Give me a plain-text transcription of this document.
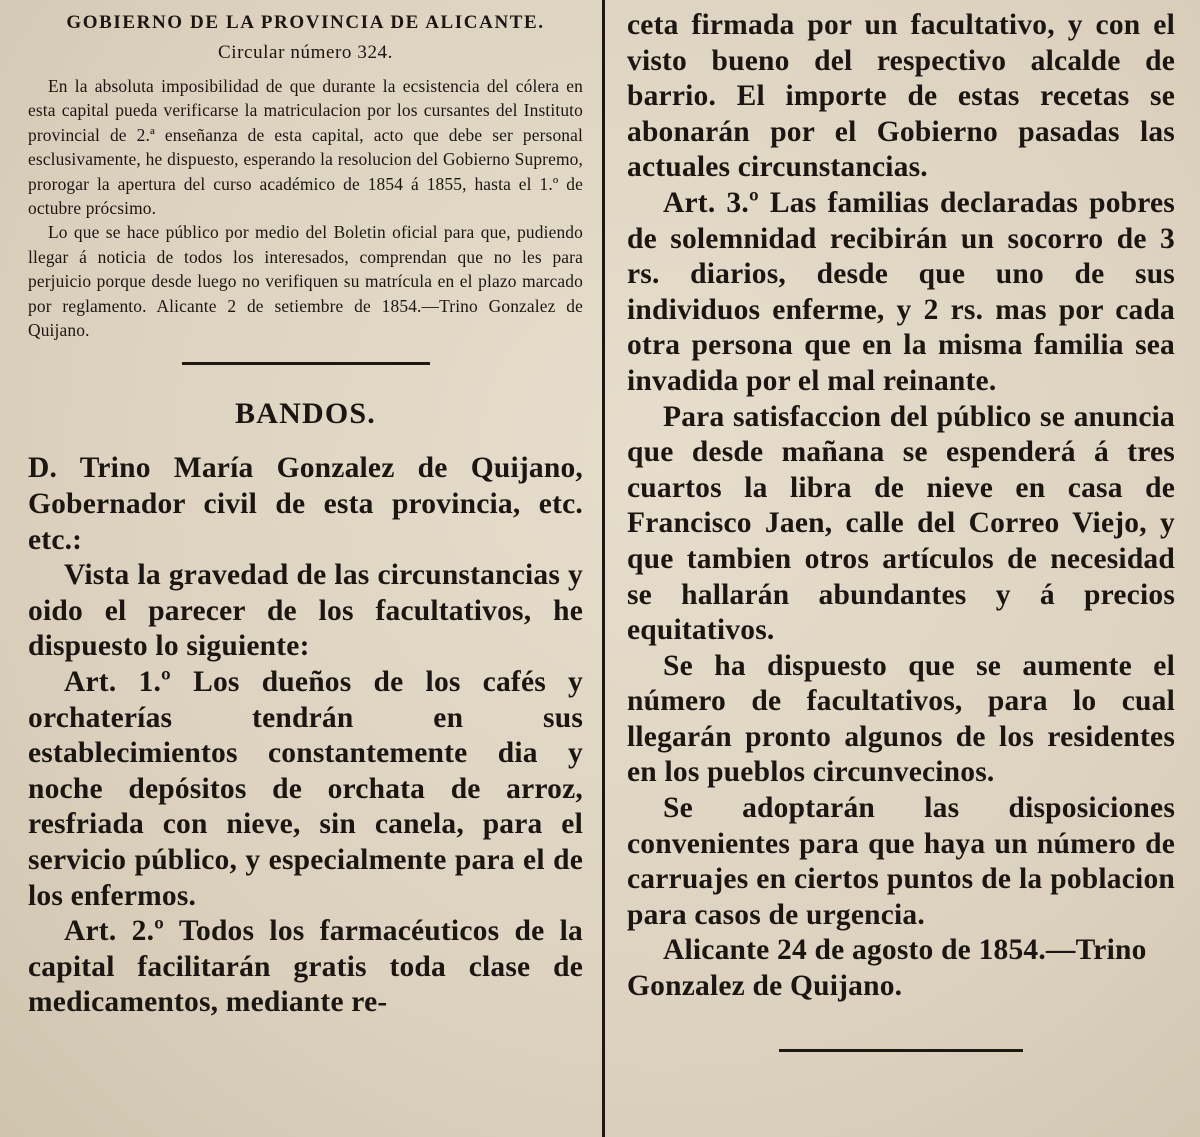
GOBIERNO DE LA PROVINCIA DE ALICANTE.
Circular número 324.

En la absoluta imposibilidad de que durante la ecsistencia del cólera en esta capital pueda verificarse la matriculacion por los cursantes del Instituto provincial de 2.ª enseñanza de esta capital, acto que debe ser personal esclusivamente, he dispuesto, esperando la resolucion del Gobierno Supremo, prorogar la apertura del curso académico de 1854 á 1855, hasta el 1.º de octubre prócsimo.

Lo que se hace público por medio del Boletin oficial para que, pudiendo llegar á noticia de todos los interesados, comprendan que no les para perjuicio porque desde luego no verifiquen su matrícula en el plazo marcado por reglamento. Alicante 2 de setiembre de 1854.—Trino Gonzalez de Quijano.

BANDOS.

D. Trino María Gonzalez de Quijano, Gobernador civil de esta provincia, etc. etc.:

Vista la gravedad de las circunstancias y oido el parecer de los facultativos, he dispuesto lo siguiente:

Art. 1.º Los dueños de los cafés y orchaterías tendrán en sus establecimientos constantemente dia y noche depósitos de orchata de arroz, resfriada con nieve, sin canela, para el servicio público, y especialmente para el de los enfermos.

Art. 2.º Todos los farmacéuticos de la capital facilitarán gratis toda clase de medicamentos, mediante re-

ceta firmada por un facultativo, y con el visto bueno del respectivo alcalde de barrio. El importe de estas recetas se abonarán por el Gobierno pasadas las actuales circunstancias.

Art. 3.º Las familias declaradas pobres de solemnidad recibirán un socorro de 3 rs. diarios, desde que uno de sus individuos enferme, y 2 rs. mas por cada otra persona que en la misma familia sea invadida por el mal reinante.

Para satisfaccion del público se anuncia que desde mañana se espenderá á tres cuartos la libra de nieve en casa de Francisco Jaen, calle del Correo Viejo, y que tambien otros artículos de necesidad se hallarán abundantes y á precios equitativos.

Se ha dispuesto que se aumente el número de facultativos, para lo cual llegarán pronto algunos de los residentes en los pueblos circunvecinos.

Se adoptarán las disposiciones convenientes para que haya un número de carruajes en ciertos puntos de la poblacion para casos de urgencia.

Alicante 24 de agosto de 1854.—Trino Gonzalez de Quijano.
